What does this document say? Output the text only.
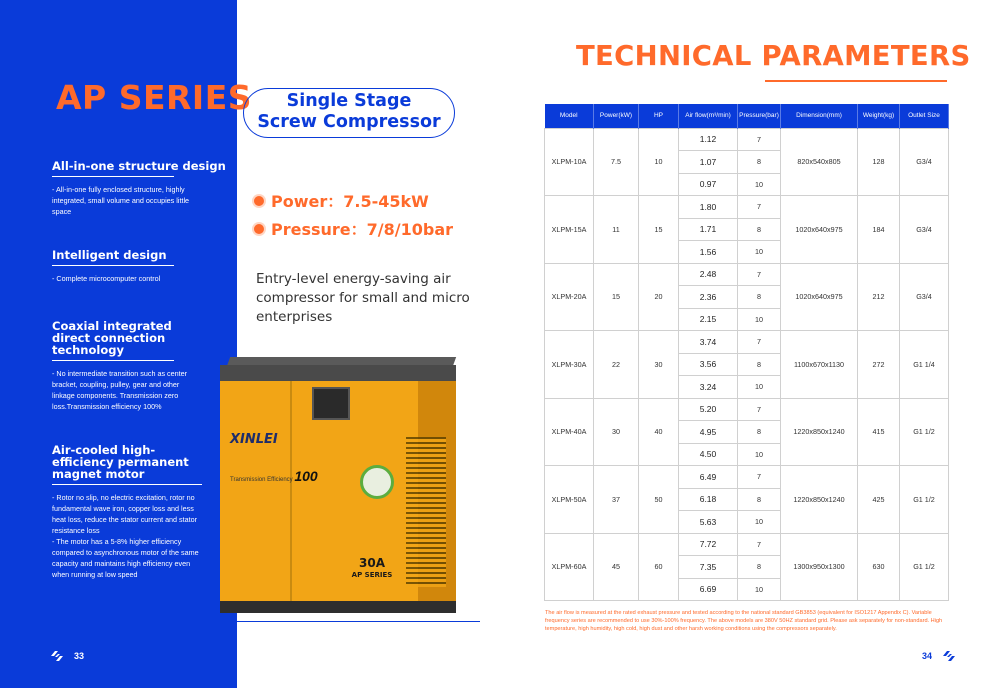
AP SERIES
All-in-one structure design

- All-in-one fully enclosed structure, highly integrated, small volume and occupies little space

Intelligent design

- Complete microcomputer control

Coaxial integrated direct connection technology

- No intermediate transition such as center bracket, coupling, pulley, gear and other linkage components. Transmission zero loss.Transmission efficiency 100%

Air-cooled high-efficiency permanent magnet motor

- Rotor no slip, no electric excitation, rotor no fundamental wave iron, copper loss and less heat loss, reduce the stator current and stator resistance loss
- The motor has a 5-8% higher efficiency compared to asynchronous motor of the same capacity and maintains high efficiency even when running at low speed

Single Stage
Screw Compressor
Power：7.5-45kW
Pressure：7/8/10bar
Entry-level energy-saving air compressor for small and micro enterprises
XINLEI
Transmission Efficiency 100
30A
AP SERIES
TECHNICAL PARAMETERS
Model	Power(kW)	HP	Air flow(m³/min)	Pressure(bar)	Dimension(mm)	Weight(kg)	Outlet Size
XLPM-10A	7.5	10	1.12	7	820x540x805	128	G3/4
			1.07	8			
			0.97	10			
XLPM-15A	11	15	1.80	7	1020x640x975	184	G3/4
			1.71	8			
			1.56	10			
XLPM-20A	15	20	2.48	7	1020x640x975	212	G3/4
			2.36	8			
			2.15	10			
XLPM-30A	22	30	3.74	7	1100x670x1130	272	G1 1/4
			3.56	8			
			3.24	10			
XLPM-40A	30	40	5.20	7	1220x850x1240	415	G1 1/2
			4.95	8			
			4.50	10			
XLPM-50A	37	50	6.49	7	1220x850x1240	425	G1 1/2
			6.18	8			
			5.63	10			
XLPM-60A	45	60	7.72	7	1300x950x1300	630	G1 1/2
			7.35	8			
			6.69	10			
The air flow is measured at the rated exhaust pressure and tested according to the national standard GB3853 (equivalent for ISO1217 Appendix C). Variable frequency series are recommended to use 30%-100% frequency. The above models are 380V 50HZ standard grid. Please ask separately for non-standard. High temperature, high humidity, high cold, high dust and other harsh working conditions using the compressors separately.
33	34
